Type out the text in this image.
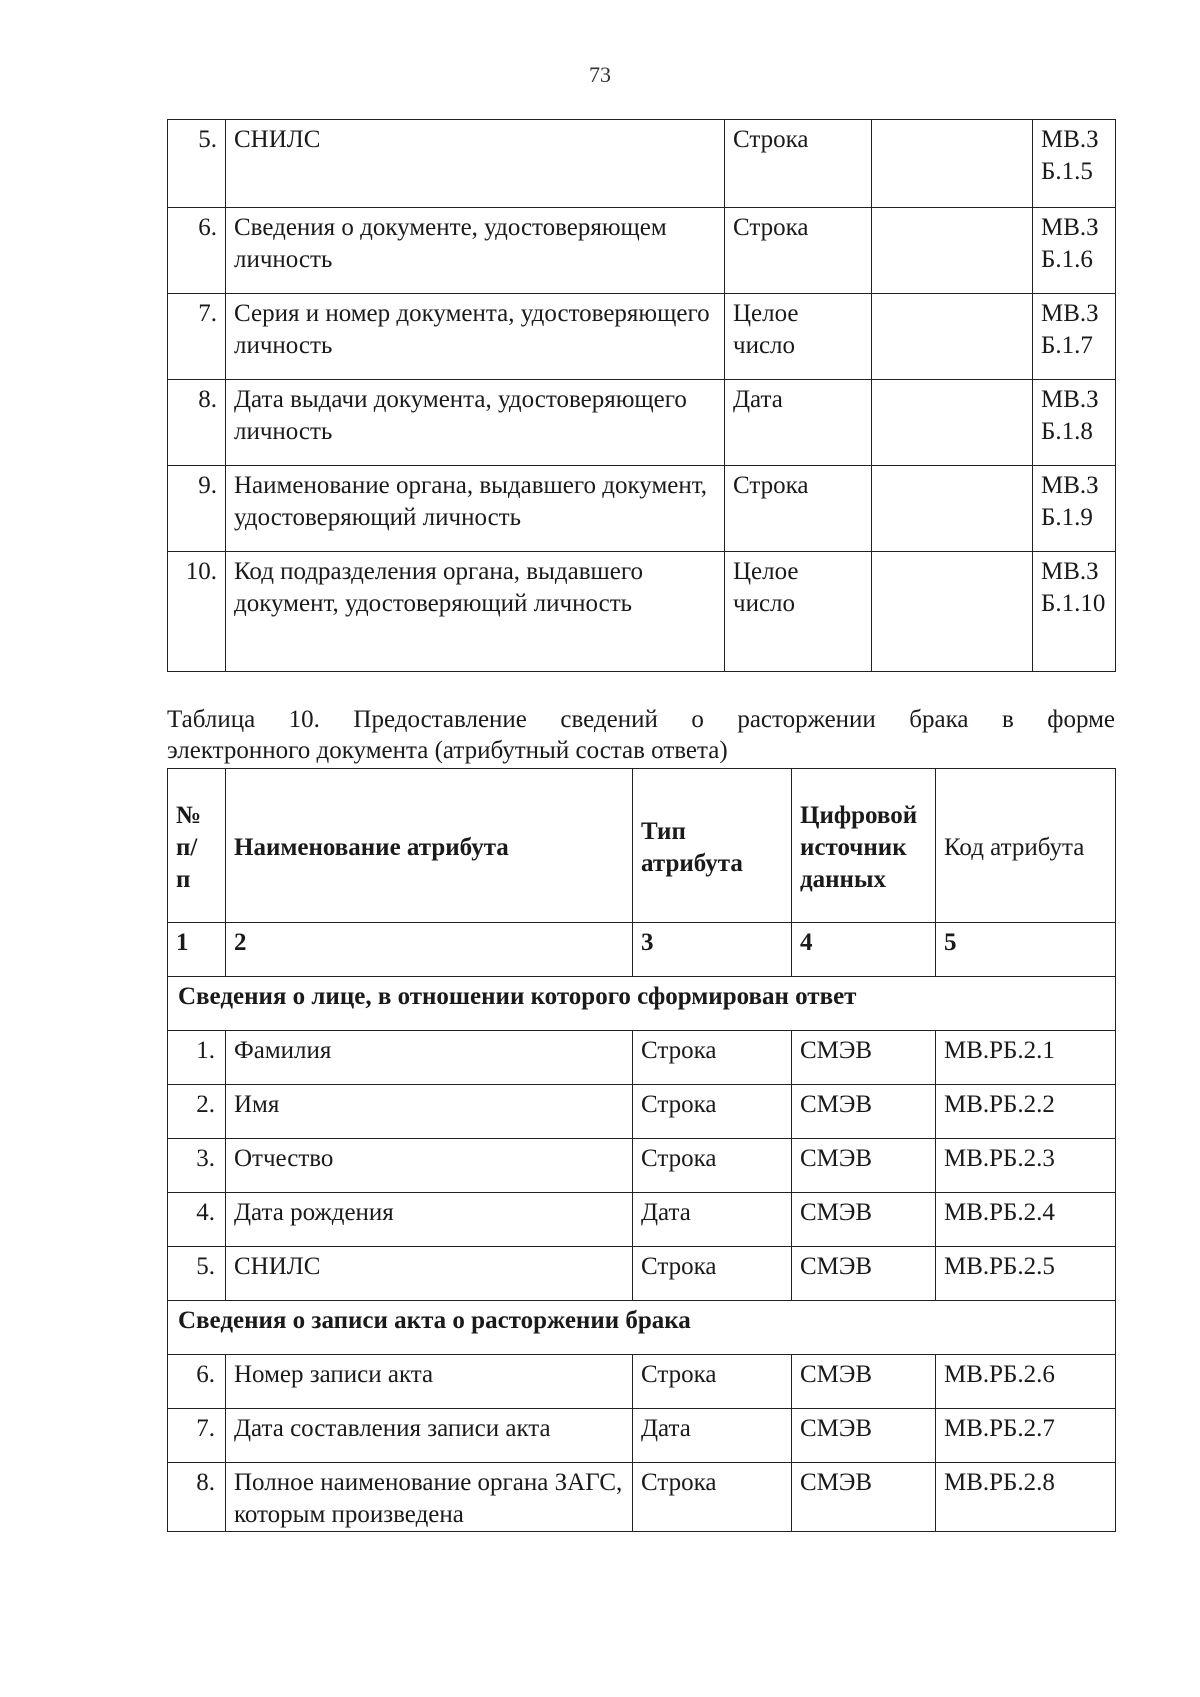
73
5.	СНИЛС	Строка		МВ.З Б.1.5
6.	Сведения о документе, удостоверяющем личность	Строка		МВ.З Б.1.6
7.	Серия и номер документа, удостоверяющего личность	Целое число		МВ.З Б.1.7
8.	Дата выдачи документа, удостоверяющего личность	Дата		МВ.З Б.1.8
9.	Наименование органа, выдавшего документ, удостоверяющий личность	Строка		МВ.З Б.1.9
10.	Код подразделения органа, выдавшего документ, удостоверяющий личность	Целое число		МВ.З Б.1.10

Таблица 10. Предоставление сведений о расторжении брака в форме
электронного документа (атрибутный состав ответа)

№ п/ п	Наименование атрибута	Тип атрибута	Цифровой источник данных	Код атрибута
1	2	3	4	5
Сведения о лице, в отношении которого сформирован ответ				
1.	Фамилия	Строка	СМЭВ	МВ.РБ.2.1
2.	Имя	Строка	СМЭВ	МВ.РБ.2.2
3.	Отчество	Строка	СМЭВ	МВ.РБ.2.3
4.	Дата рождения	Дата	СМЭВ	МВ.РБ.2.4
5.	СНИЛС	Строка	СМЭВ	МВ.РБ.2.5
Сведения о записи акта о расторжении брака				
6.	Номер записи акта	Строка	СМЭВ	МВ.РБ.2.6
7.	Дата составления записи акта	Дата	СМЭВ	МВ.РБ.2.7
8.	Полное наименование органа ЗАГС, которым произведена	Строка	СМЭВ	МВ.РБ.2.8
